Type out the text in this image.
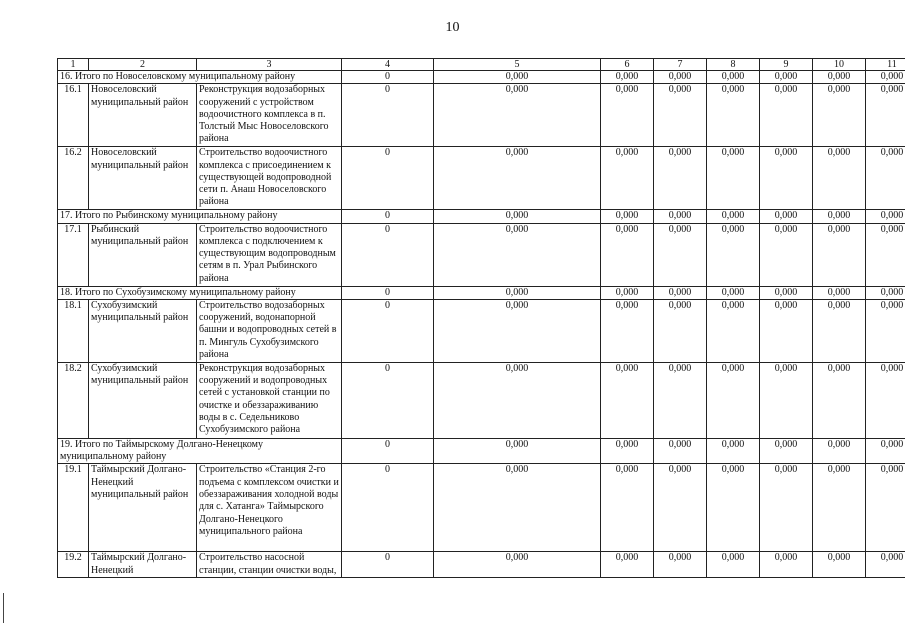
10
1	2	3	4	5	6	7	8	9	10	11
16. Итого по Новоселовскому муниципальному району			0	0,000	0,000	0,000	0,000	0,000	0,000	0,000
16.1	Новоселовский муниципальный район	Реконструкция водозаборных сооружений с устройством водоочистного комплекса в п. Толстый Мыс Новоселовского района	0	0,000	0,000	0,000	0,000	0,000	0,000	0,000
16.2	Новоселовский муниципальный район	Строительство водоочистного комплекса с присоединением к существующей водопроводной сети п. Анаш Новоселовского района	0	0,000	0,000	0,000	0,000	0,000	0,000	0,000
17. Итого по Рыбинскому муниципальному району			0	0,000	0,000	0,000	0,000	0,000	0,000	0,000
17.1	Рыбинский муниципальный район	Строительство водоочистного комплекса с подключением к существующим водопроводным сетям в п. Урал Рыбинского района	0	0,000	0,000	0,000	0,000	0,000	0,000	0,000
18. Итого по Сухобузимскому муниципальному району			0	0,000	0,000	0,000	0,000	0,000	0,000	0,000
18.1	Сухобузимский муниципальный район	Строительство водозаборных сооружений, водонапорной башни и водопроводных сетей в п. Мингуль Сухобузимского района	0	0,000	0,000	0,000	0,000	0,000	0,000	0,000
18.2	Сухобузимский муниципальный район	Реконструкция водозаборных сооружений и водопроводных сетей с установкой станции по очистке и обеззараживанию воды в с. Седельниково Сухобузимского района	0	0,000	0,000	0,000	0,000	0,000	0,000	0,000
19. Итого по Таймырскому Долгано-Ненецкому муниципальному району			0	0,000	0,000	0,000	0,000	0,000	0,000	0,000
19.1	Таймырский Долгано-Ненецкий муниципальный район	Строительство «Станция 2-го подъема с комплексом очистки и обеззараживания холодной воды для с. Хатанга» Таймырского Долгано-Ненецкого муниципального района	0	0,000	0,000	0,000	0,000	0,000	0,000	0,000
19.2	Таймырский Долгано-Ненецкий	Строительство насосной станции, станции очистки воды,	0	0,000	0,000	0,000	0,000	0,000	0,000	0,000
